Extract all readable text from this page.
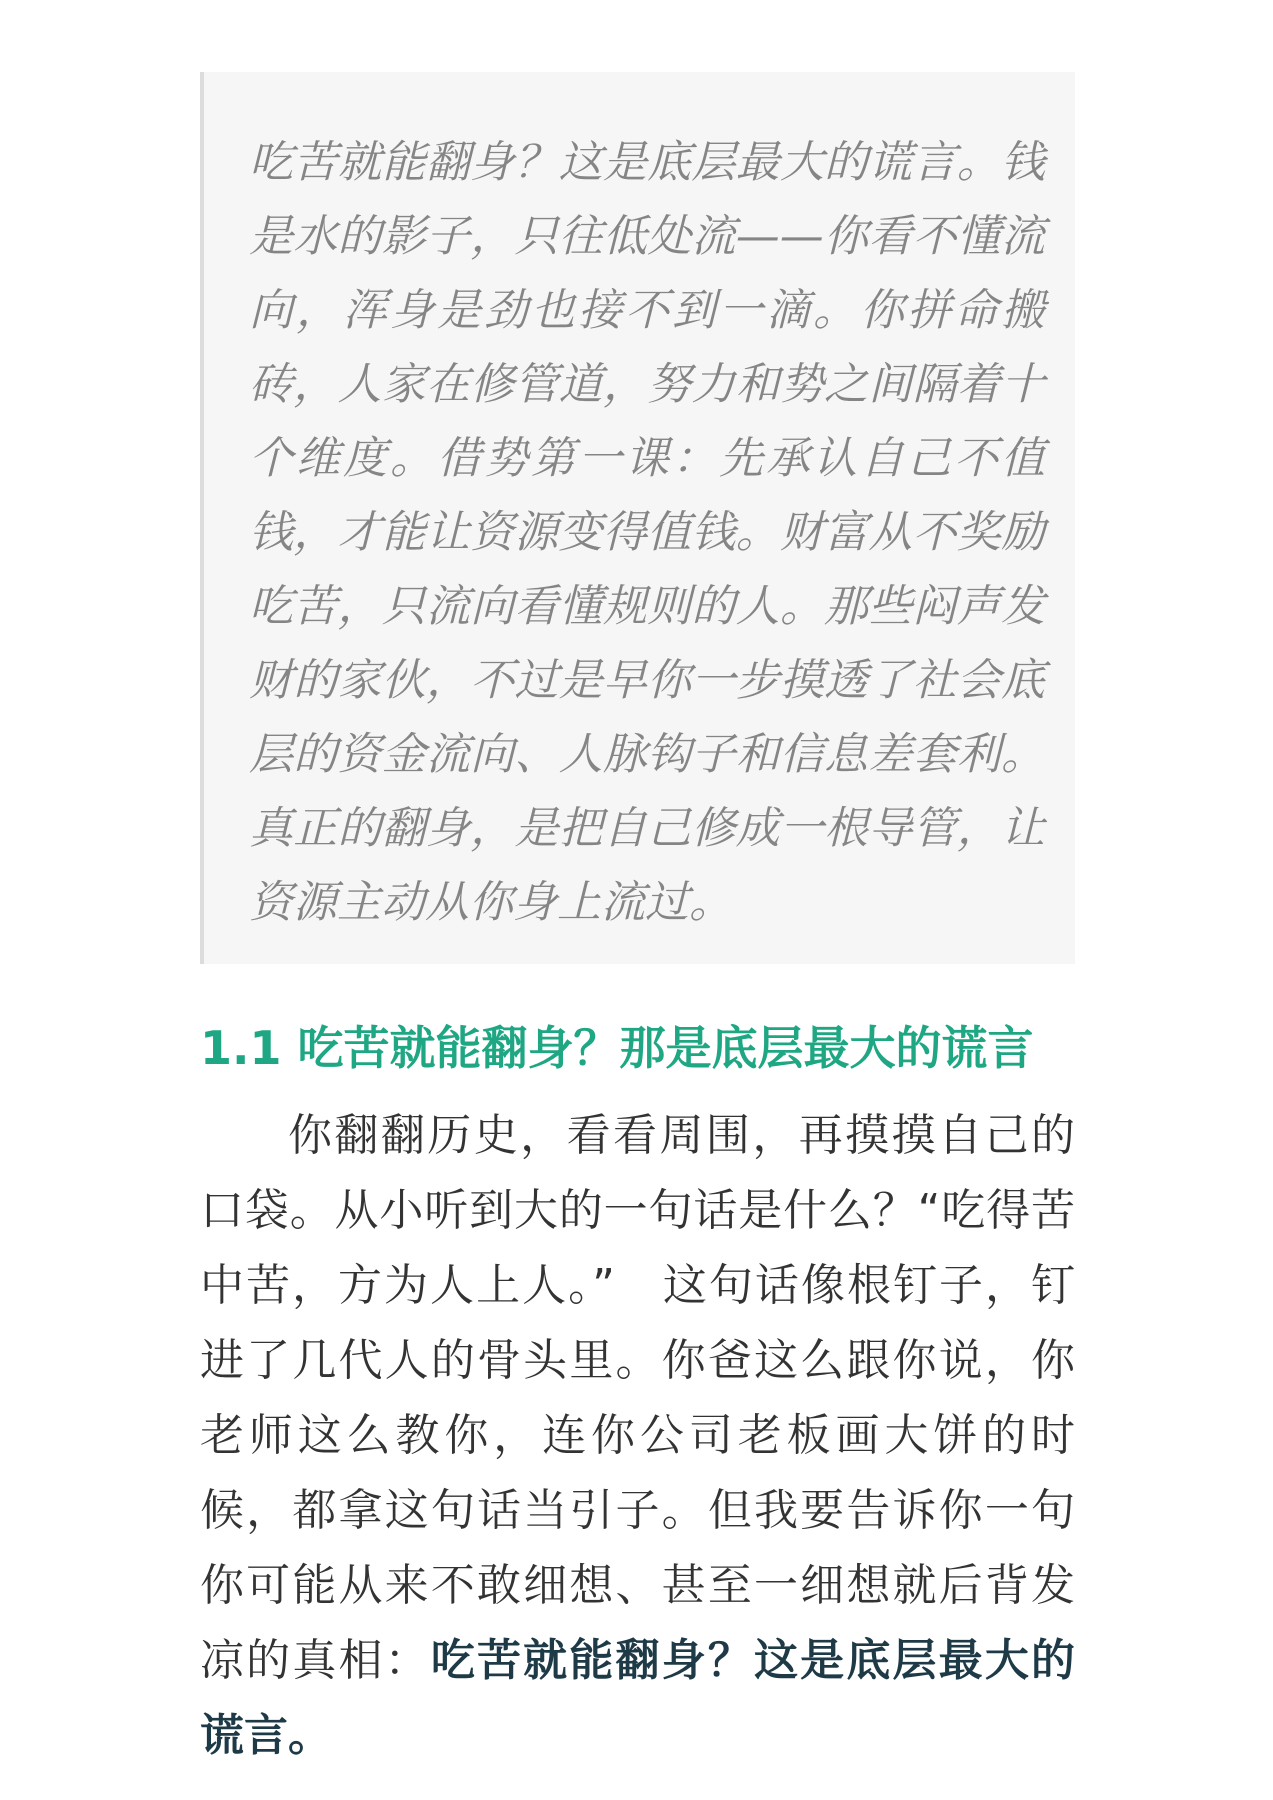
吃苦就能翻身？这是底层最大的谎言。钱是水的影子，只往低处流——你看不懂流向，浑身是劲也接不到一滴。你拼命搬砖，人家在修管道，努力和势之间隔着十个维度。借势第一课：先承认自己不值钱，才能让资源变得值钱。财富从不奖励吃苦，只流向看懂规则的人。那些闷声发财的家伙，不过是早你一步摸透了社会底层的资金流向、人脉钩子和信息差套利。真正的翻身，是把自己修成一根导管，让资源主动从你身上流过。

1.1 吃苦就能翻身？那是底层最大的谎言

你翻翻历史，看看周围，再摸摸自己的口袋。从小听到大的一句话是什么？“吃得苦中苦，方为人上人。”　这句话像根钉子，钉进了几代人的骨头里。你爸这么跟你说，你老师这么教你，连你公司老板画大饼的时候，都拿这句话当引子。但我要告诉你一句你可能从来不敢细想、甚至一细想就后背发凉的真相：吃苦就能翻身？这是底层最大的谎言。
